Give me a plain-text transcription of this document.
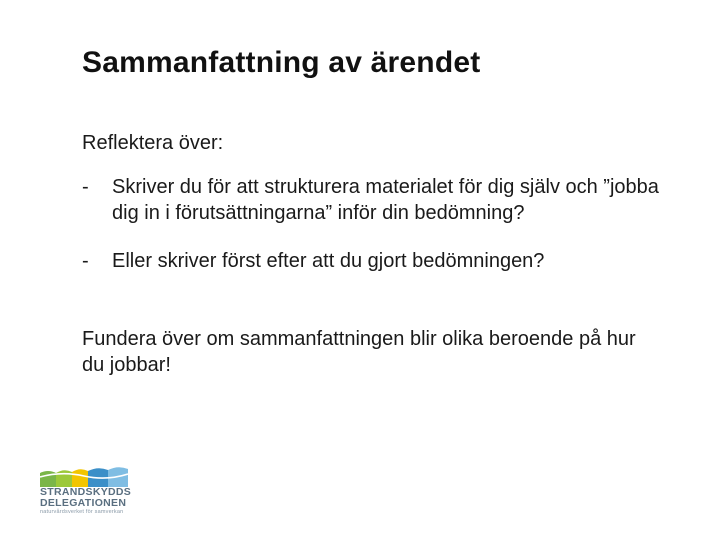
Sammanfattning av ärendet
Reflektera över:
-	Skriver du för att strukturera materialet för dig själv och ”jobba dig in i förutsättningarna” inför din bedömning?
-	Eller skriver först efter att du gjort bedömningen?
Fundera över om sammanfattningen blir olika beroende på hur du jobbar!
STRANDSKYDDS
DELEGATIONEN
naturvårdsverket för samverkan
